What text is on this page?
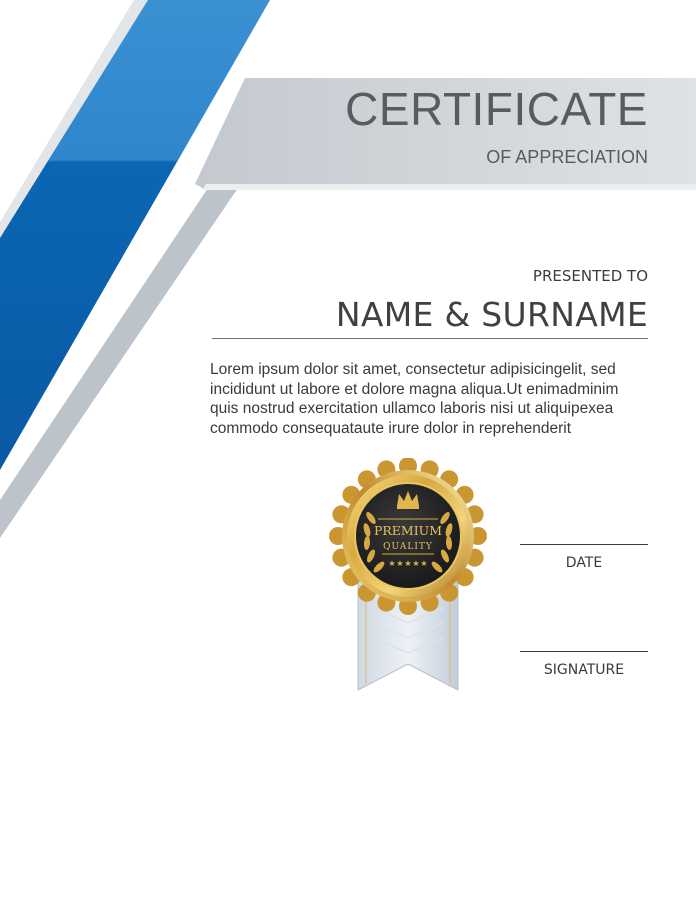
CERTIFICATE
OF APPRECIATION
PRESENTED TO
NAME & SURNAME
Lorem ipsum dolor sit amet, consectetur adipisicingelit, sed
incididunt ut labore et dolore magna aliqua.Ut enimadminim
quis nostrud exercitation ullamco laboris nisi ut aliquipexea
commodo consequataute irure dolor in reprehenderit
PREMIUM
QUALITY
★ ★ ★ ★ ★	DATE
SIGNATURE
